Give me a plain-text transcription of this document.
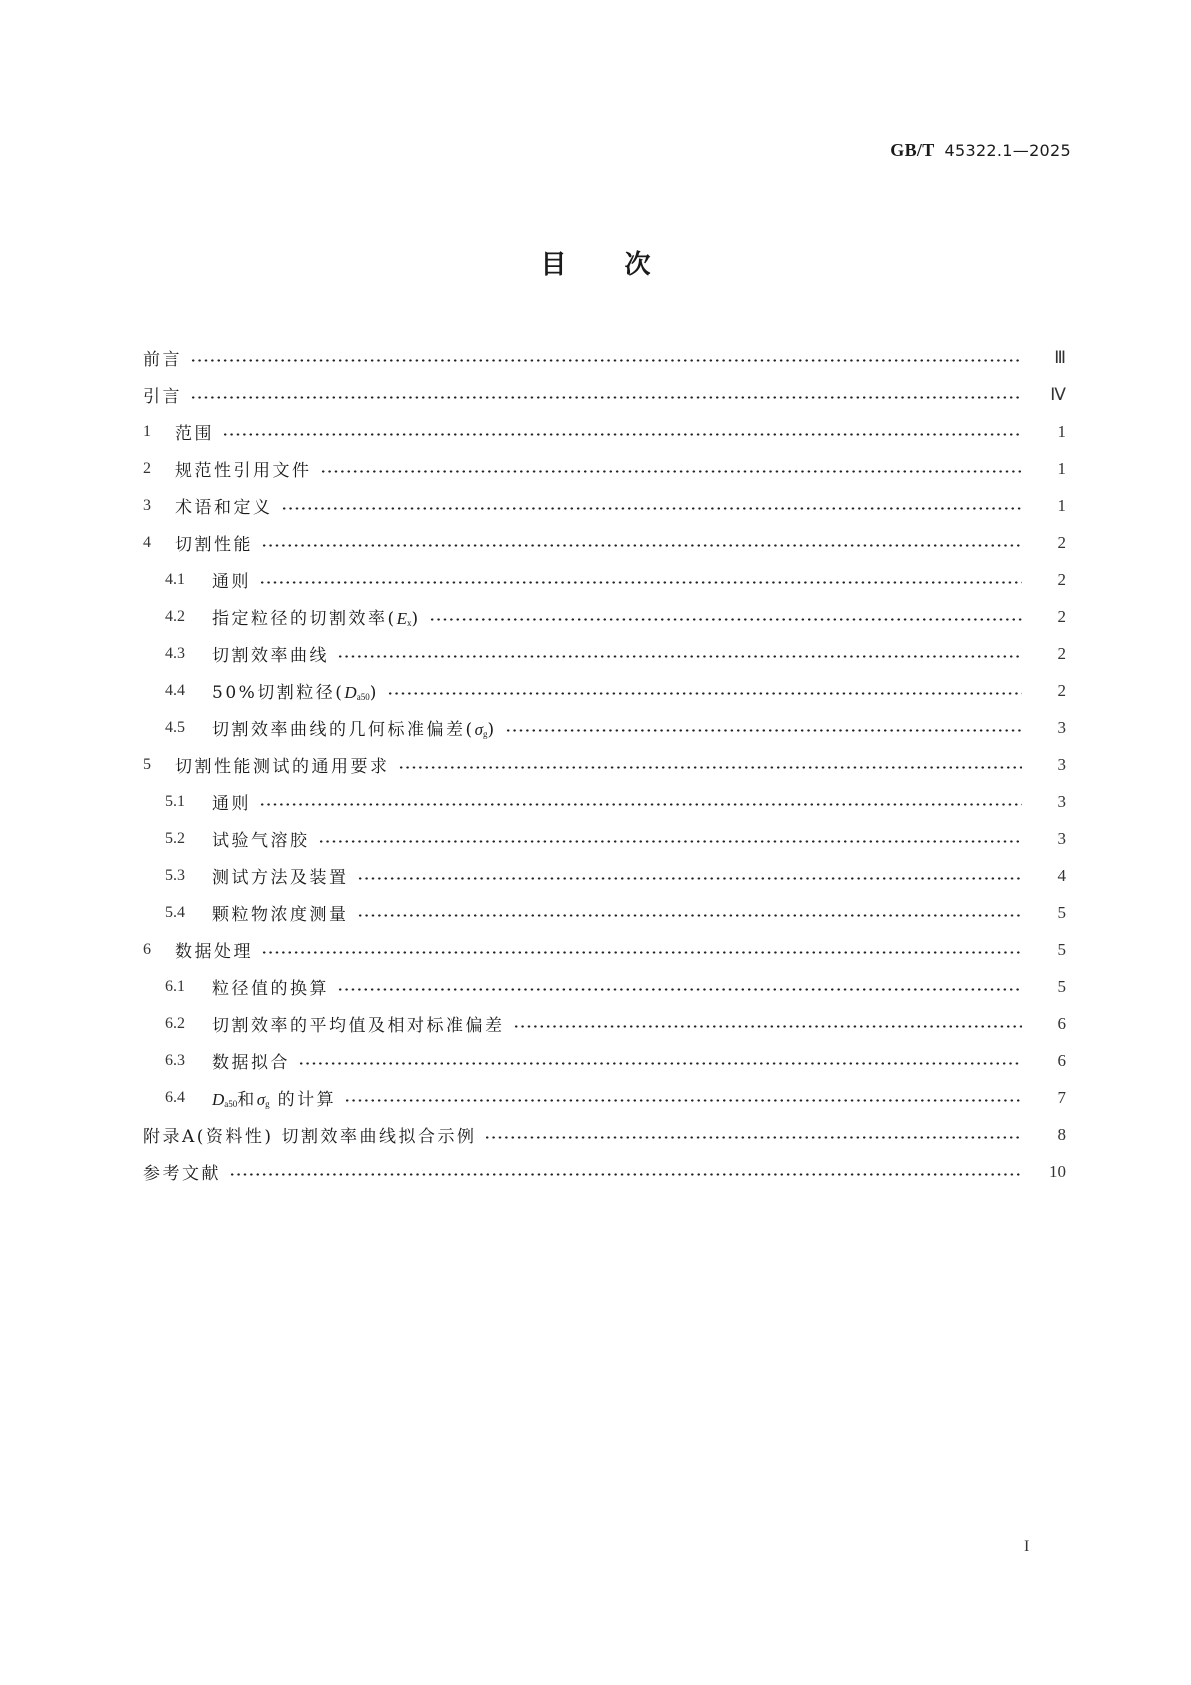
GB/T 45322.1—2025
目 次
前言	Ⅲ
引言	Ⅳ
1	范围	1
2	规范性引用文件	1
3	术语和定义	1
4	切割性能	2
4.1	通则	2
4.2	指定粒径的切割效率$(E_x)$	2
4.3	切割效率曲线	2
4.4	50%切割粒径$(D_{a50})$	2
4.5	切割效率曲线的几何标准偏差$(\sigma_g)$	3
5	切割性能测试的通用要求	3
5.1	通则	3
5.2	试验气溶胶	3
5.3	测试方法及装置	4
5.4	颗粒物浓度测量	5
6	数据处理	5
6.1	粒径值的换算	5
6.2	切割效率的平均值及相对标准偏差	6
6.3	数据拟合	6
6.4	$D_{a50}$和$\sigma_g$ 的计算	7
附录A(资料性) 切割效率曲线拟合示例	8
参考文献	10
I
